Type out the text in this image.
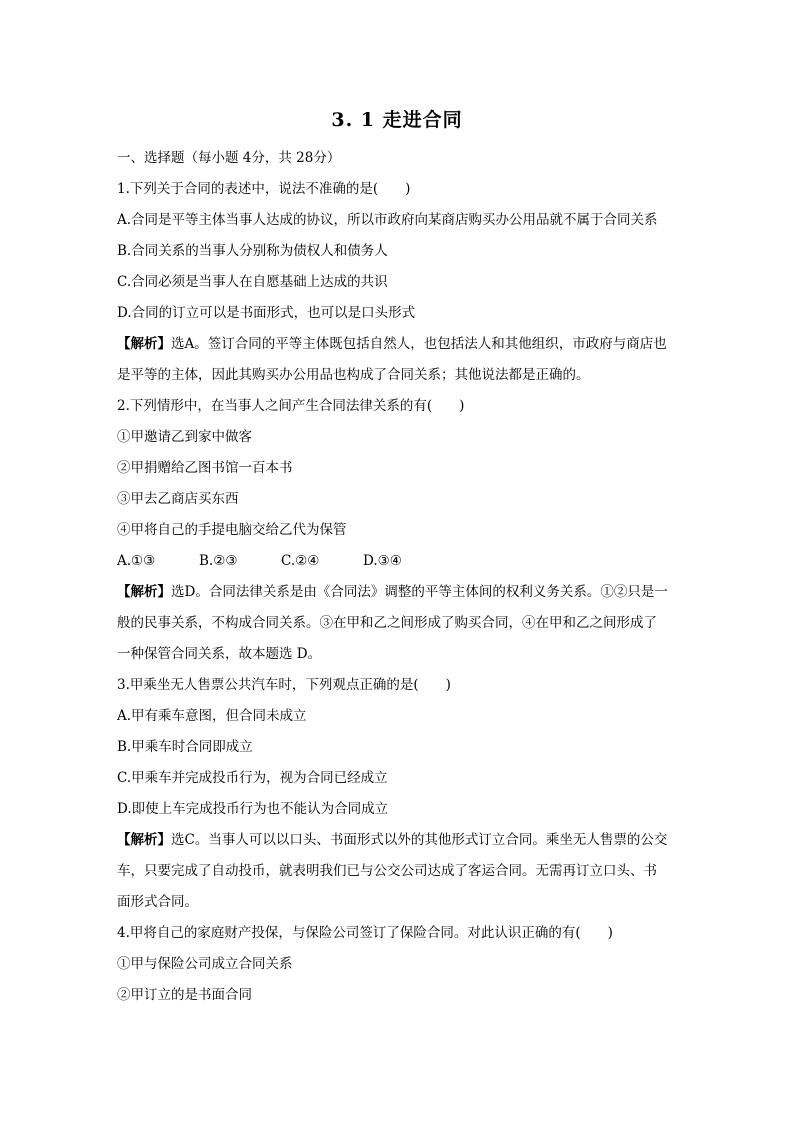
3. 1 走进合同
一、选择题（每小题 4分，共 28分）
1.下列关于合同的表述中，说法不准确的是(　　)
A.合同是平等主体当事人达成的协议，所以市政府向某商店购买办公用品就不属于合同关系
B.合同关系的当事人分别称为债权人和债务人
C.合同必须是当事人在自愿基础上达成的共识
D.合同的订立可以是书面形式，也可以是口头形式
【解析】选A。签订合同的平等主体既包括自然人，也包括法人和其他组织，市政府与商店也
是平等的主体，因此其购买办公用品也构成了合同关系；其他说法都是正确的。
2.下列情形中，在当事人之间产生合同法律关系的有(　　)
①甲邀请乙到家中做客
②甲捐赠给乙图书馆一百本书
③甲去乙商店买东西
④甲将自己的手提电脑交给乙代为保管
A.①③	B.②③	C.②④	D.③④
【解析】选D。合同法律关系是由《合同法》调整的平等主体间的权利义务关系。①②只是一
般的民事关系，不构成合同关系。③在甲和乙之间形成了购买合同，④在甲和乙之间形成了
一种保管合同关系，故本题选 D。
3.甲乘坐无人售票公共汽车时，下列观点正确的是(　　)
A.甲有乘车意图，但合同未成立
B.甲乘车时合同即成立
C.甲乘车并完成投币行为，视为合同已经成立
D.即使上车完成投币行为也不能认为合同成立
【解析】选C。当事人可以以口头、书面形式以外的其他形式订立合同。乘坐无人售票的公交
车，只要完成了自动投币，就表明我们已与公交公司达成了客运合同。无需再订立口头、书
面形式合同。
4.甲将自己的家庭财产投保，与保险公司签订了保险合同。对此认识正确的有(　　)
①甲与保险公司成立合同关系
②甲订立的是书面合同
